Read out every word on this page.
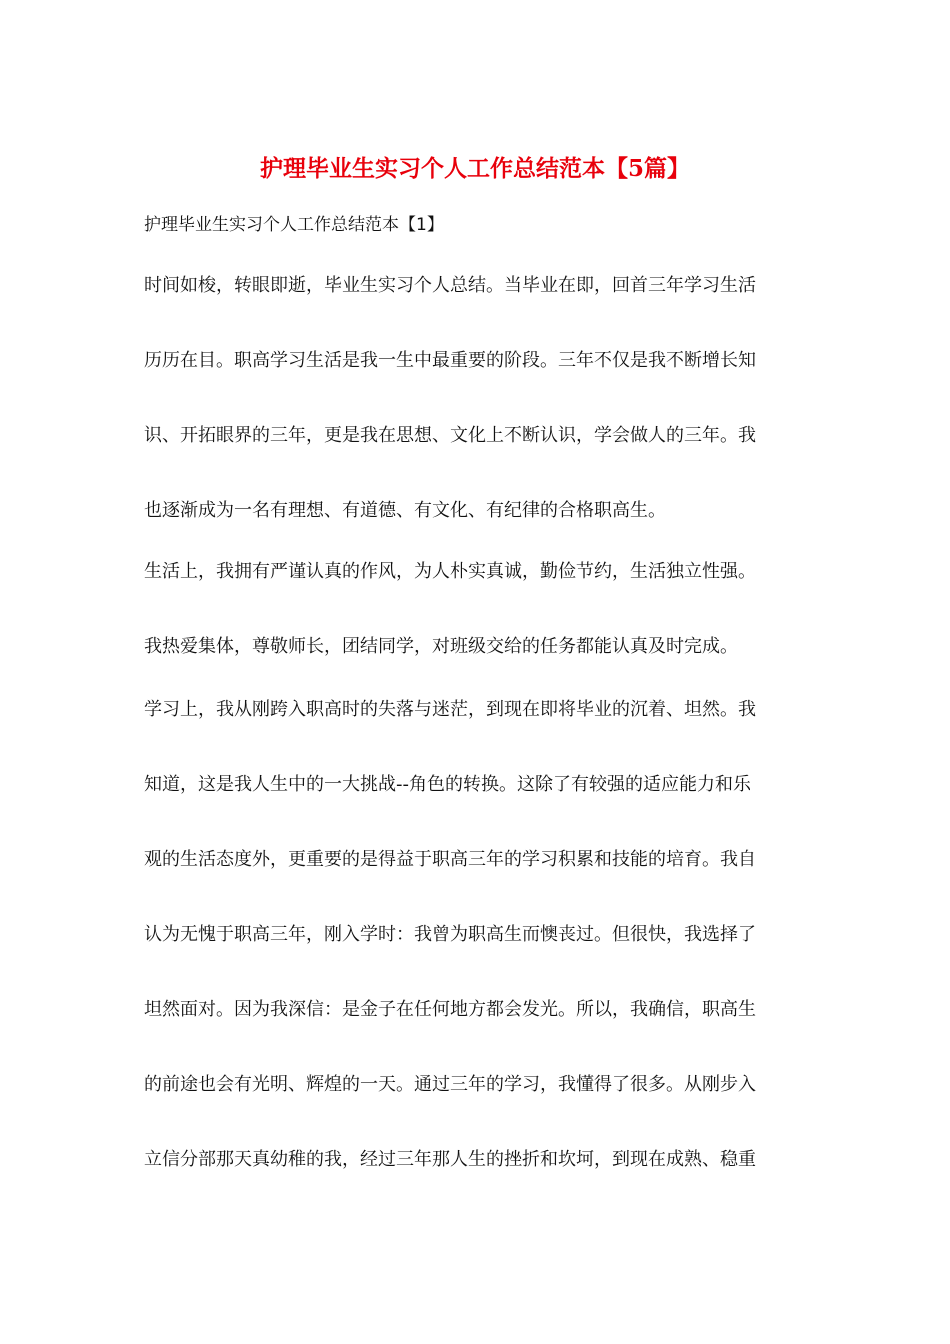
护理毕业生实习个人工作总结范本【5篇】
护理毕业生实习个人工作总结范本【1】
时间如梭，转眼即逝，毕业生实习个人总结。当毕业在即，回首三年学习生活
历历在目。职高学习生活是我一生中最重要的阶段。三年不仅是我不断增长知
识、开拓眼界的三年，更是我在思想、文化上不断认识，学会做人的三年。我
也逐渐成为一名有理想、有道德、有文化、有纪律的合格职高生。
生活上，我拥有严谨认真的作风，为人朴实真诚，勤俭节约，生活独立性强。
我热爱集体，尊敬师长，团结同学，对班级交给的任务都能认真及时完成。
学习上，我从刚跨入职高时的失落与迷茫，到现在即将毕业的沉着、坦然。我
知道，这是我人生中的一大挑战--角色的转换。这除了有较强的适应能力和乐
观的生活态度外，更重要的是得益于职高三年的学习积累和技能的培育。我自
认为无愧于职高三年，刚入学时：我曾为职高生而懊丧过。但很快，我选择了
坦然面对。因为我深信：是金子在任何地方都会发光。所以，我确信，职高生
的前途也会有光明、辉煌的一天。通过三年的学习，我懂得了很多。从刚步入
立信分部那天真幼稚的我，经过三年那人生的挫折和坎坷，到现在成熟、稳重
